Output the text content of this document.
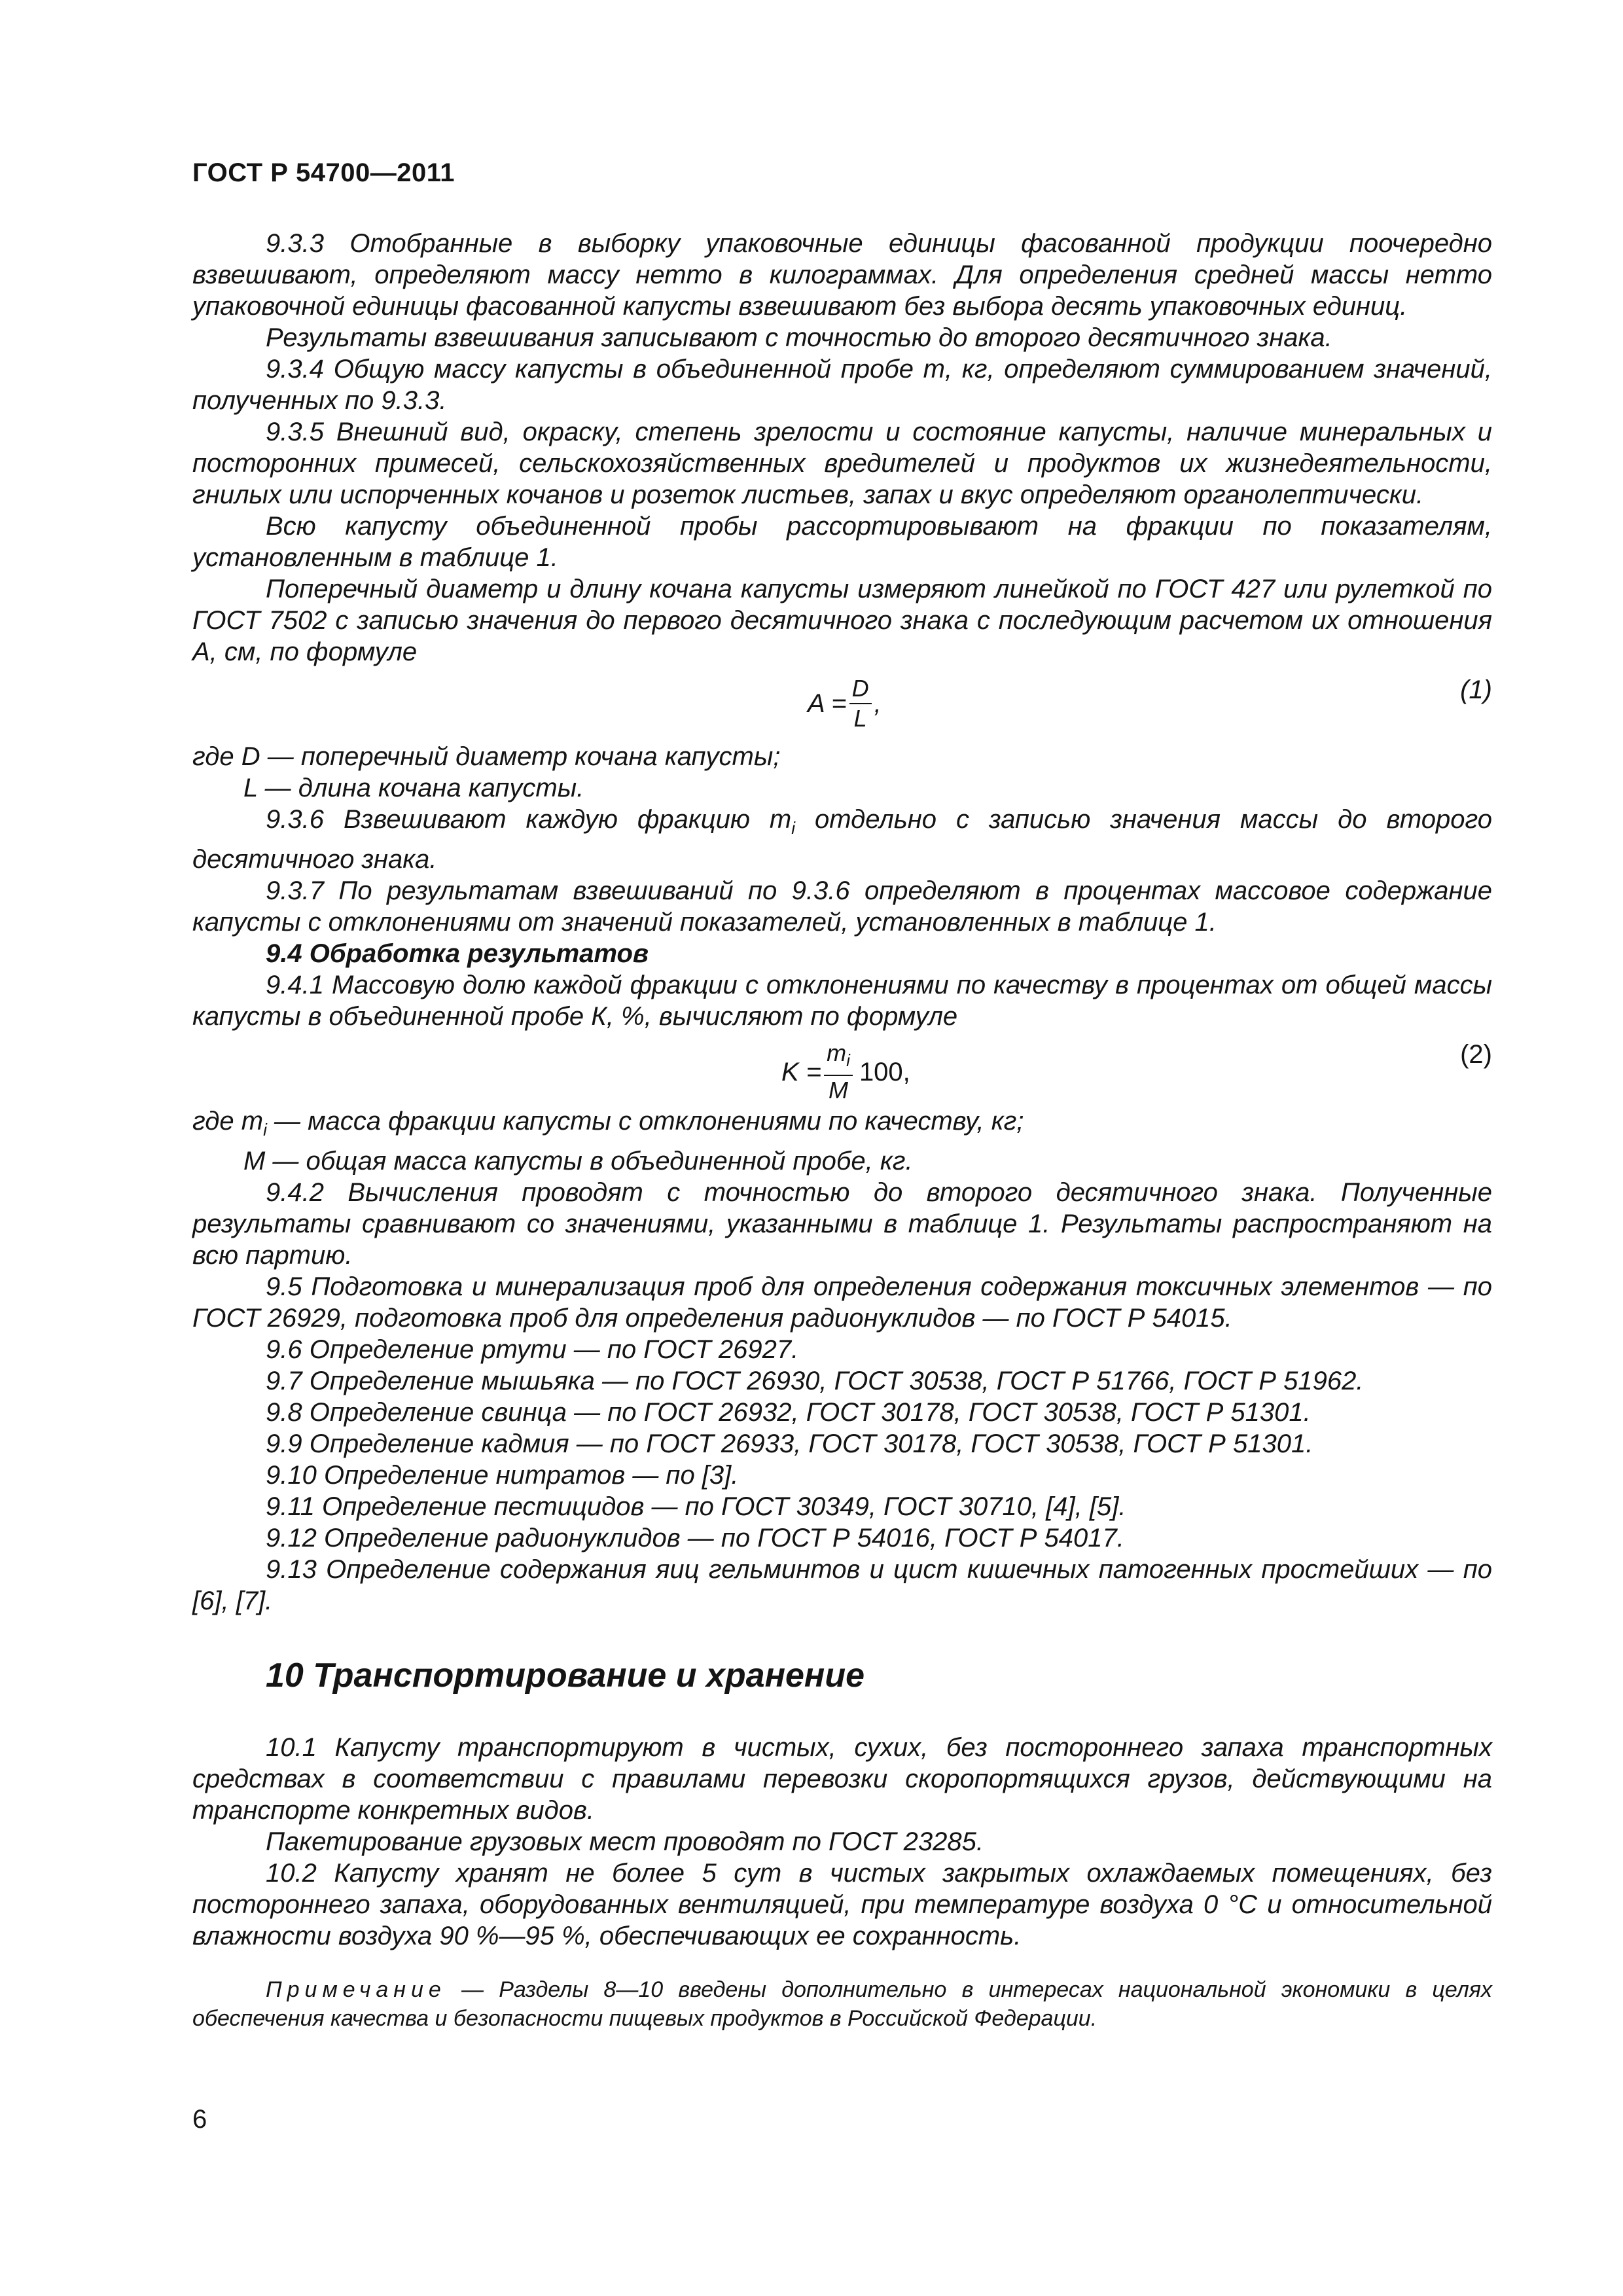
ГОСТ Р 54700—2011

9.3.3 Отобранные в выборку упаковочные единицы фасованной продукции поочередно взвешивают, определяют массу нетто в килограммах. Для определения средней массы нетто упаковочной единицы фасованной капусты взвешивают без выбора десять упаковочных единиц.

Результаты взвешивания записывают с точностью до второго десятичного знака.

9.3.4 Общую массу капусты в объединенной пробе m, кг, определяют суммированием значений, полученных по 9.3.3.

9.3.5 Внешний вид, окраску, степень зрелости и состояние капусты, наличие минеральных и посторонних примесей, сельскохозяйственных вредителей и продуктов их жизнедеятельности, гнилых или испорченных кочанов и розеток листьев, запах и вкус определяют органолептически.

Всю капусту объединенной пробы рассортировывают на фракции по показателям, установленным в таблице 1.

Поперечный диаметр и длину кочана капусты измеряют линейкой по ГОСТ 427 или рулеткой по ГОСТ 7502 с записью значения до первого десятичного знака с последующим расчетом их отношения А, см, по формуле

$A = \frac{D}{L}$ ,	(1)

где D — поперечный диаметр кочана капусты;

L — длина кочана капусты.

9.3.6 Взвешивают каждую фракцию $m_i$ отдельно с записью значения массы до второго десятичного знака.

9.3.7 По результатам взвешиваний по 9.3.6 определяют в процентах массовое содержание капусты с отклонениями от значений показателей, установленных в таблице 1.

9.4 Обработка результатов

9.4.1 Массовую долю каждой фракции с отклонениями по качеству в процентах от общей массы капусты в объединенной пробе К, %, вычисляют по формуле

$K = \frac{m_i}{M} 100$,
(2)

где $m_i$ — масса фракции капусты с отклонениями по качеству, кг;

M — общая масса капусты в объединенной пробе, кг.

9.4.2 Вычисления проводят с точностью до второго десятичного знака. Полученные результаты сравнивают со значениями, указанными в таблице 1. Результаты распространяют на всю партию.

9.5 Подготовка и минерализация проб для определения содержания токсичных элементов — по ГОСТ 26929, подготовка проб для определения радионуклидов — по ГОСТ Р 54015.

9.6 Определение ртути — по ГОСТ 26927.

9.7 Определение мышьяка — по ГОСТ 26930, ГОСТ 30538, ГОСТ Р 51766, ГОСТ Р 51962.

9.8 Определение свинца — по ГОСТ 26932, ГОСТ 30178, ГОСТ 30538, ГОСТ Р 51301.

9.9 Определение кадмия — по ГОСТ 26933, ГОСТ 30178, ГОСТ 30538, ГОСТ Р 51301.

9.10 Определение нитратов — по [3].

9.11 Определение пестицидов — по ГОСТ 30349, ГОСТ 30710, [4], [5].

9.12 Определение радионуклидов — по ГОСТ Р 54016, ГОСТ Р 54017.

9.13 Определение содержания яиц гельминтов и цист кишечных патогенных простейших — по [6], [7].

10 Транспортирование и хранение

10.1 Капусту транспортируют в чистых, сухих, без постороннего запаха транспортных средствах в соответствии с правилами перевозки скоропортящихся грузов, действующими на транспорте конкретных видов.

Пакетирование грузовых мест проводят по ГОСТ 23285.

10.2 Капусту хранят не более 5 сут в чистых закрытых охлаждаемых помещениях, без постороннего запаха, оборудованных вентиляцией, при температуре воздуха 0 °С и относительной влажности воздуха 90 %—95 %, обеспечивающих ее сохранность.

Примечание — Разделы 8—10 введены дополнительно в интересах национальной экономики в целях обеспечения качества и безопасности пищевых продуктов в Российской Федерации.

6
